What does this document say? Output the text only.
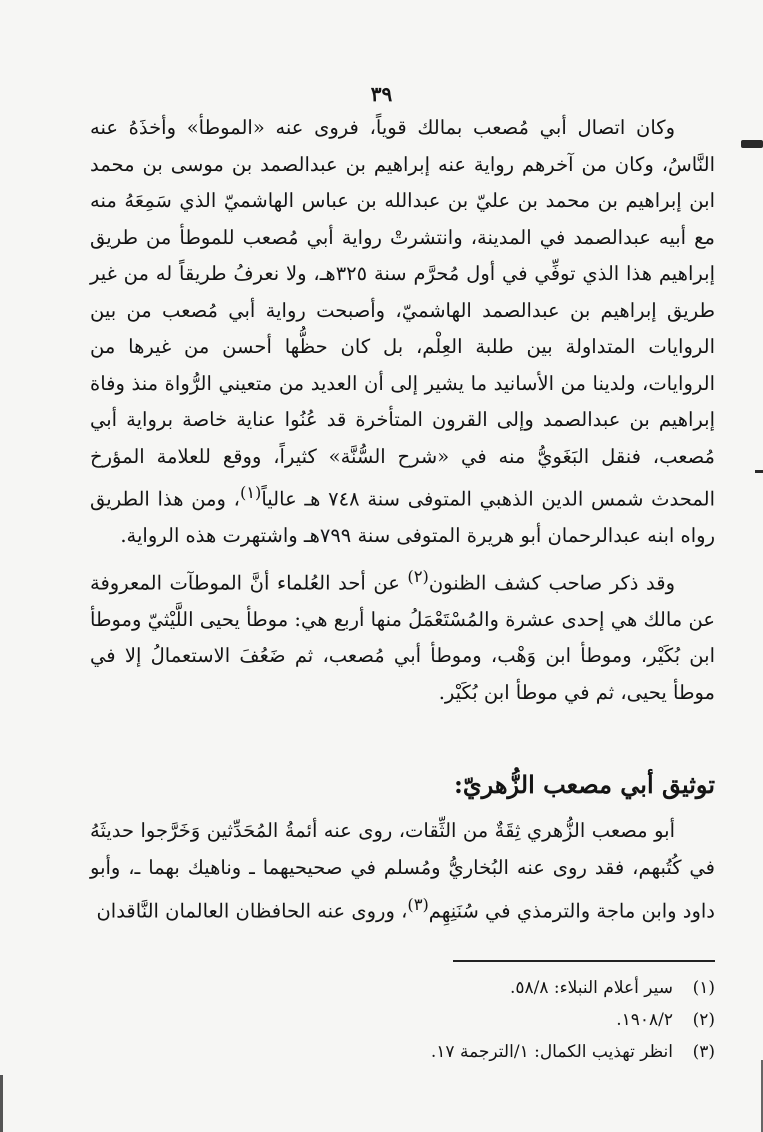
٣٩

وكان اتصال أبي مُصعب بمالك قوياً، فروى عنه «الموطأ» وأخذَهُ عنه النَّاسُ، وكان من آخرهم رواية عنه إبراهيم بن عبدالصمد بن موسى بن محمد ابن إبراهيم بن محمد بن عليّ بن عبدالله بن عباس الهاشميّ الذي سَمِعَهُ منه مع أبيه عبدالصمد في المدينة، وانتشرتْ رواية أبي مُصعب للموطأ من طريق إبراهيم هذا الذي توفِّي في أول مُحرَّم سنة ٣٢٥هـ، ولا نعرفُ طريقاً له من غير طريق إبراهيم بن عبدالصمد الهاشميّ، وأصبحت رواية أبي مُصعب من بين الروايات المتداولة بين طلبة العِلْم، بل كان حظُّها أحسن من غيرها من الروايات، ولدينا من الأسانيد ما يشير إلى أن العديد من متعيني الرُّواة منذ وفاة إبراهيم بن عبدالصمد وإلى القرون المتأخرة قد عُنُوا عناية خاصة برواية أبي مُصعب، فنقل البَغَويُّ منه في «شرح السُّنَّة» كثيراً، ووقع للعلامة المؤرخ المحدث شمس الدين الذهبي المتوفى سنة ٧٤٨ هـ عالياً$^{(١)}$، ومن هذا الطريق رواه ابنه عبدالرحمان أبو هريرة المتوفى سنة ٧٩٩هـ واشتهرت هذه الرواية.

وقد ذكر صاحب كشف الظنون$^{(٢)}$ عن أحد العُلماء أنَّ الموطآت المعروفة عن مالك هي إحدى عشرة والمُسْتَعْمَلُ منها أربع هي: موطأ يحيى اللَّيْثيّ وموطأ ابن بُكَيْر، وموطأ ابن وَهْب، وموطأ أبي مُصعب، ثم ضَعُفَ الاستعمالُ إلا في موطأ يحيى، ثم في موطأ ابن بُكَيْر.

توثيق أبي مصعب الزُّهريّ:

أبو مصعب الزُّهري ثِقَةٌ من الثِّقات، روى عنه أئمةُ المُحَدِّثين وَخَرَّجوا حديثَهُ في كُتُبهم، فقد روى عنه البُخاريُّ ومُسلم في صحيحيهما ـ وناهيك بهما ـ، وأبو داود وابن ماجة والترمذي في سُنَنِهِم$^{(٣)}$، وروى عنه الحافظان العالمان النَّاقدان

(١)سير أعلام النبلاء: ٥٨/٨.
(٢)١٩٠٨/٢.
(٣)انظر تهذيب الكمال: ١/الترجمة ١٧.
